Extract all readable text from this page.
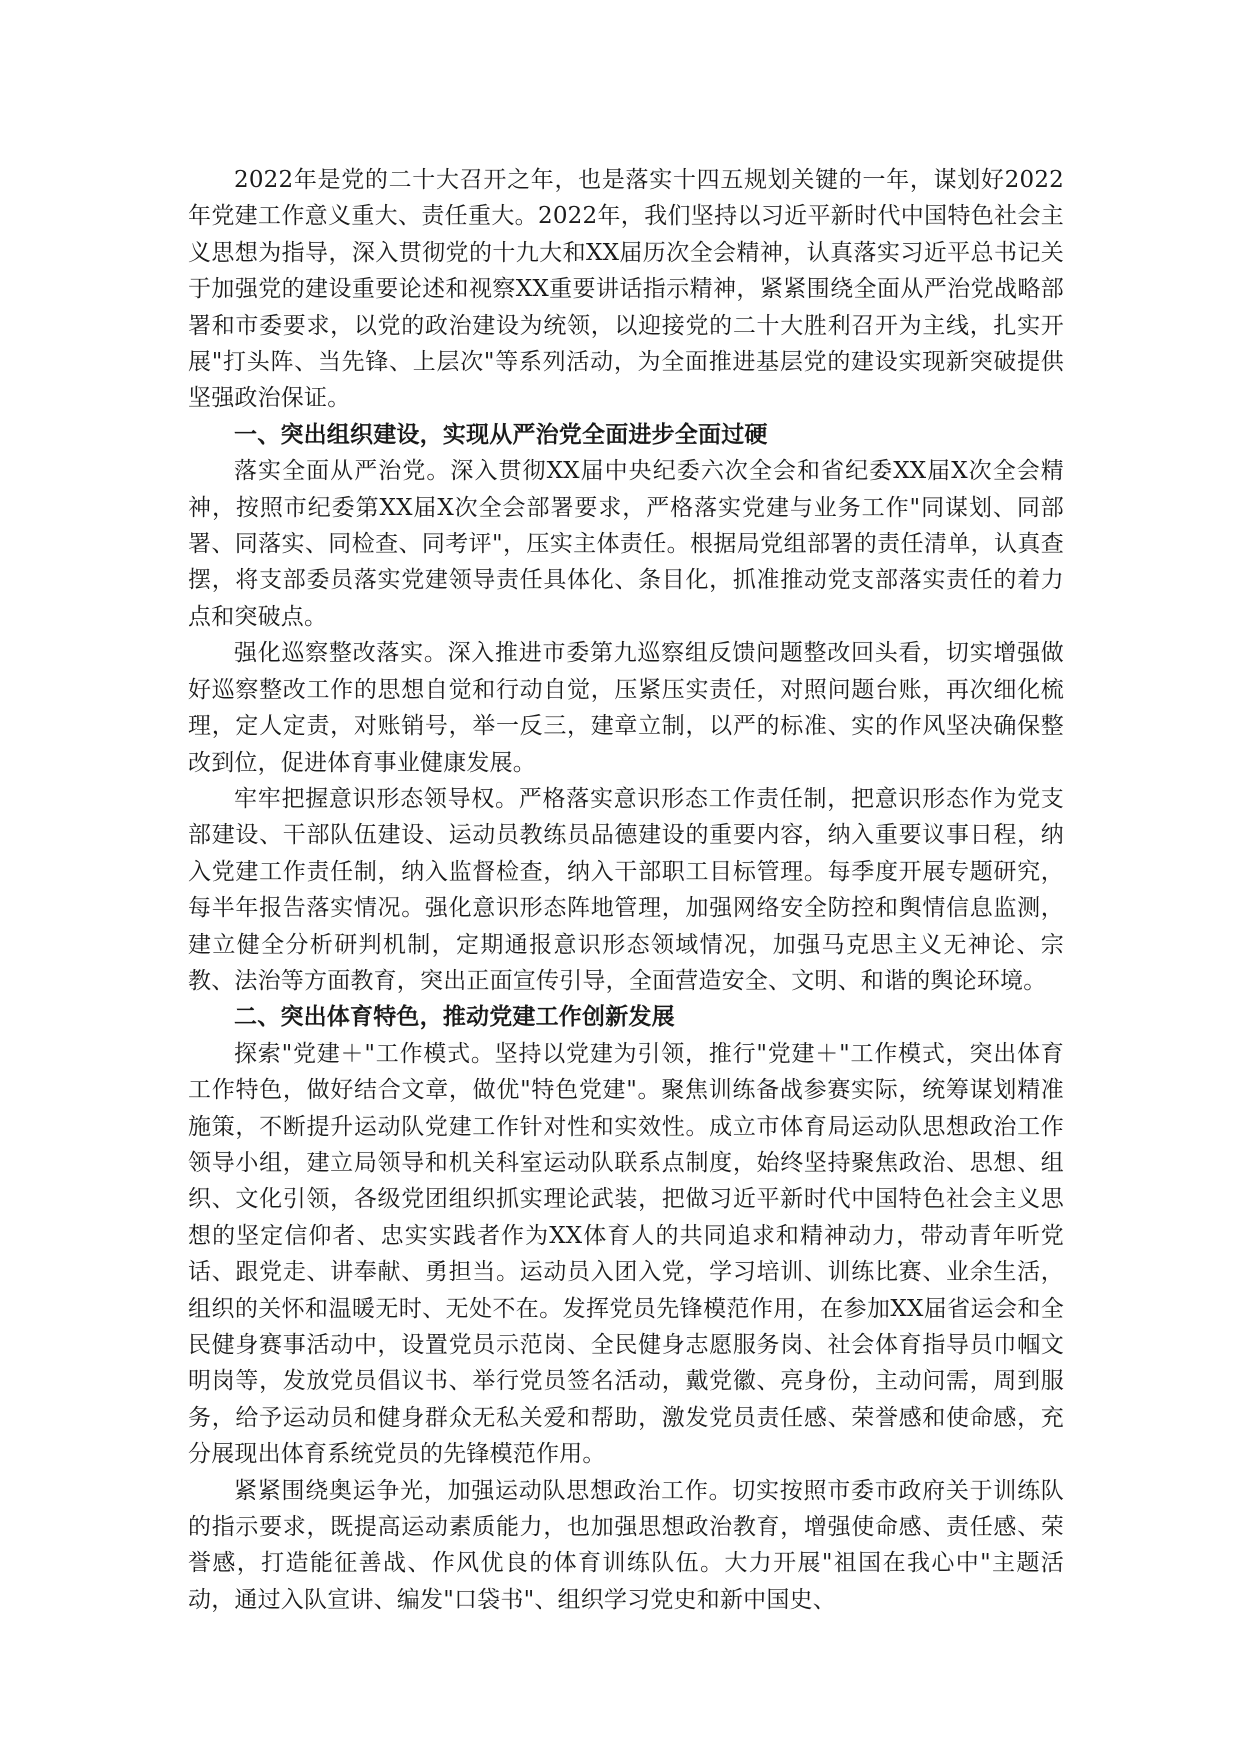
2022年是党的二十大召开之年，也是落实十四五规划关键的一年，谋划好2022年党建工作意义重大、责任重大。2022年，我们坚持以习近平新时代中国特色社会主义思想为指导，深入贯彻党的十九大和XX届历次全会精神，认真落实习近平总书记关于加强党的建设重要论述和视察XX重要讲话指示精神，紧紧围绕全面从严治党战略部署和市委要求，以党的政治建设为统领，以迎接党的二十大胜利召开为主线，扎实开展"打头阵、当先锋、上层次"等系列活动，为全面推进基层党的建设实现新突破提供坚强政治保证。

一、突出组织建设，实现从严治党全面进步全面过硬

落实全面从严治党。深入贯彻XX届中央纪委六次全会和省纪委XX届X次全会精神，按照市纪委第XX届X次全会部署要求，严格落实党建与业务工作"同谋划、同部署、同落实、同检查、同考评"，压实主体责任。根据局党组部署的责任清单，认真查摆，将支部委员落实党建领导责任具体化、条目化，抓准推动党支部落实责任的着力点和突破点。

强化巡察整改落实。深入推进市委第九巡察组反馈问题整改回头看，切实增强做好巡察整改工作的思想自觉和行动自觉，压紧压实责任，对照问题台账，再次细化梳理，定人定责，对账销号，举一反三，建章立制，以严的标准、实的作风坚决确保整改到位，促进体育事业健康发展。

牢牢把握意识形态领导权。严格落实意识形态工作责任制，把意识形态作为党支部建设、干部队伍建设、运动员教练员品德建设的重要内容，纳入重要议事日程，纳入党建工作责任制，纳入监督检查，纳入干部职工目标管理。每季度开展专题研究，每半年报告落实情况。强化意识形态阵地管理，加强网络安全防控和舆情信息监测，建立健全分析研判机制，定期通报意识形态领域情况，加强马克思主义无神论、宗教、法治等方面教育，突出正面宣传引导，全面营造安全、文明、和谐的舆论环境。

二、突出体育特色，推动党建工作创新发展

探索"党建＋"工作模式。坚持以党建为引领，推行"党建＋"工作模式，突出体育工作特色，做好结合文章，做优"特色党建"。聚焦训练备战参赛实际，统筹谋划精准施策，不断提升运动队党建工作针对性和实效性。成立市体育局运动队思想政治工作领导小组，建立局领导和机关科室运动队联系点制度，始终坚持聚焦政治、思想、组织、文化引领，各级党团组织抓实理论武装，把做习近平新时代中国特色社会主义思想的坚定信仰者、忠实实践者作为XX体育人的共同追求和精神动力，带动青年听党话、跟党走、讲奉献、勇担当。运动员入团入党，学习培训、训练比赛、业余生活，组织的关怀和温暖无时、无处不在。发挥党员先锋模范作用，在参加XX届省运会和全民健身赛事活动中，设置党员示范岗、全民健身志愿服务岗、社会体育指导员巾帼文明岗等，发放党员倡议书、举行党员签名活动，戴党徽、亮身份，主动问需，周到服务，给予运动员和健身群众无私关爱和帮助，激发党员责任感、荣誉感和使命感，充分展现出体育系统党员的先锋模范作用。

紧紧围绕奥运争光，加强运动队思想政治工作。切实按照市委市政府关于训练队的指示要求，既提高运动素质能力，也加强思想政治教育，增强使命感、责任感、荣誉感，打造能征善战、作风优良的体育训练队伍。大力开展"祖国在我心中"主题活动，通过入队宣讲、编发"口袋书"、组织学习党史和新中国史、
